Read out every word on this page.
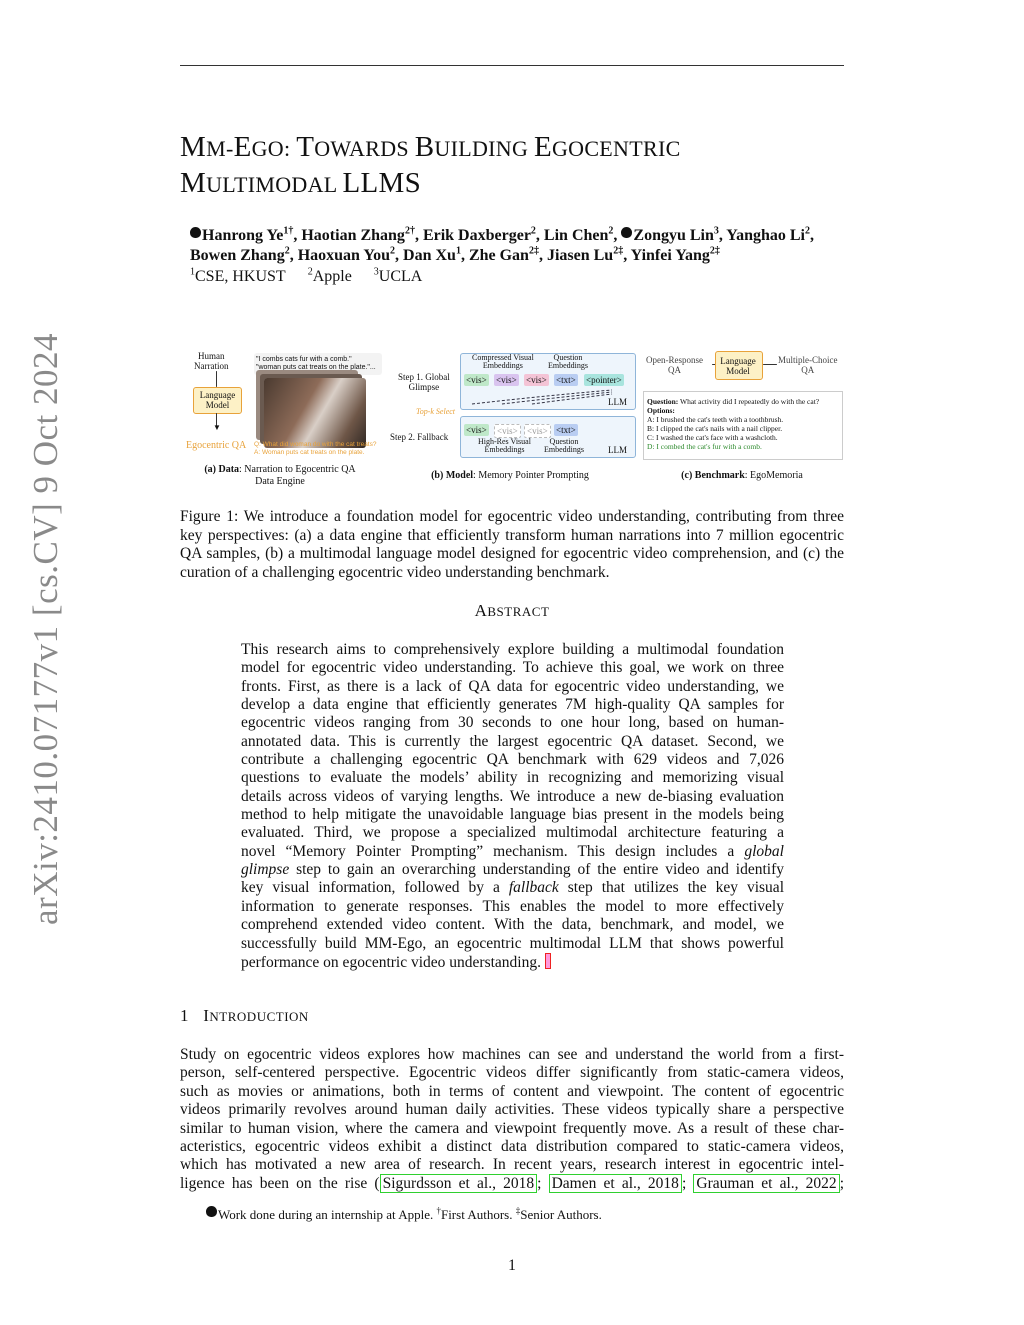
arXiv:2410.07177v1 [cs.CV] 9 Oct 2024
MM-EGO: TOWARDS BUILDING EGOCENTRIC
MULTIMODAL LLMS
Hanrong $Ye^{1\dagger}$, Haotian Zhang$^{2\dagger}$, Erik Daxberger$^2$, Lin Chen$^2$, Zongyu Lin$^3$, Yanghao Li$^2$,
Bowen Zhang$^2$, Haoxuan You$^2$, Dan Xu$^1$, Zhe Gan$^{2\ddagger}$, Jiasen $Lu^{2\ddagger}$, Yinfei Yang$^{2\ddagger}$
$^1$CSE, HKUST $^2$Apple $^3$UCLA
Human
Narration
"I combs cats fur with a comb."
"woman puts cat treats on the plate."...
Language
Model
▼
Egocentric QA Q: What did woman do with the cat treats?
A: Woman puts cat treats on the plate.
(a) Data: Narration to Egocentric QA
Data Engine
Compressed Visual
Embeddings
Question
Embeddings
Step 1. Global
Glimpse
<vis> <vis> <vis> <txt> <pointer>
LLM
Top-k Select
Step 2. Fallback
<vis>	<vis>	<vis> <txt>
LLM
High-Res Visual
Embeddings
Question
Embeddings
(b) Model: Memory Pointer Prompting
Open-Response
QA
Language
Model
Multiple-Choice
QA
Question: What activity did I repeatedly do with the cat?
Options:
A: I brushed the cat's teeth with a toothbrush.
B: I clipped the cat's nails with a nail clipper.
C: I washed the cat's face with a washcloth.
D: I combed the cat's fur with a comb.
(c) Benchmark: EgoMemoria
Figure 1: We introduce a foundation model for egocentric video understanding, contributing from three key perspectives: (a) a data engine that efficiently transform human narrations into 7 million egocentric QA samples, (b) a multimodal language model designed for egocentric video comprehension, and (c) the curation of a challenging egocentric video understanding benchmark.
ABSTRACT
This research aims to comprehensively explore building a multimodal foundation
model for egocentric video understanding. To achieve this goal, we work on three
fronts. First, as there is a lack of QA data for egocentric video understanding, we
develop a data engine that efficiently generates 7M high-quality QA samples for
egocentric videos ranging from 30 seconds to one hour long, based on human-
annotated data. This is currently the largest egocentric QA dataset. Second, we
contribute a challenging egocentric QA benchmark with 629 videos and 7,026
questions to evaluate the models’ ability in recognizing and memorizing visual
details across videos of varying lengths. We introduce a new de-biasing evaluation
method to help mitigate the unavoidable language bias present in the models being
evaluated. Third, we propose a specialized multimodal architecture featuring a
novel “Memory Pointer Prompting” mechanism. This design includes a global
glimpse step to gain an overarching understanding of the entire video and identify
key visual information, followed by a fallback step that utilizes the key visual
information to generate responses. This enables the model to more effectively
comprehend extended video content. With the data, benchmark, and model, we
successfully build MM-Ego, an egocentric multimodal LLM that shows powerful
performance on egocentric video understanding.
1 INTRODUCTION
Study on egocentric videos explores how machines can see and understand the world from a first-
person, self-centered perspective. Egocentric videos differ significantly from static-camera videos,
such as movies or animations, both in terms of content and viewpoint. The content of egocentric
videos primarily revolves around human daily activities. These videos typically share a perspective
similar to human vision, where the camera and viewpoint frequently move. As a result of these char-
acteristics, egocentric videos exhibit a distinct data distribution compared to static-camera videos,
which has motivated a new area of research. In recent years, research interest in egocentric intel-
ligence has been on the rise ( Sigurdsson et al., 2018 ; Damen et al., 2018 ; Grauman et al., 2022 ;
Work done during an internship at Apple. †First Authors. ‡Senior Authors.
1
